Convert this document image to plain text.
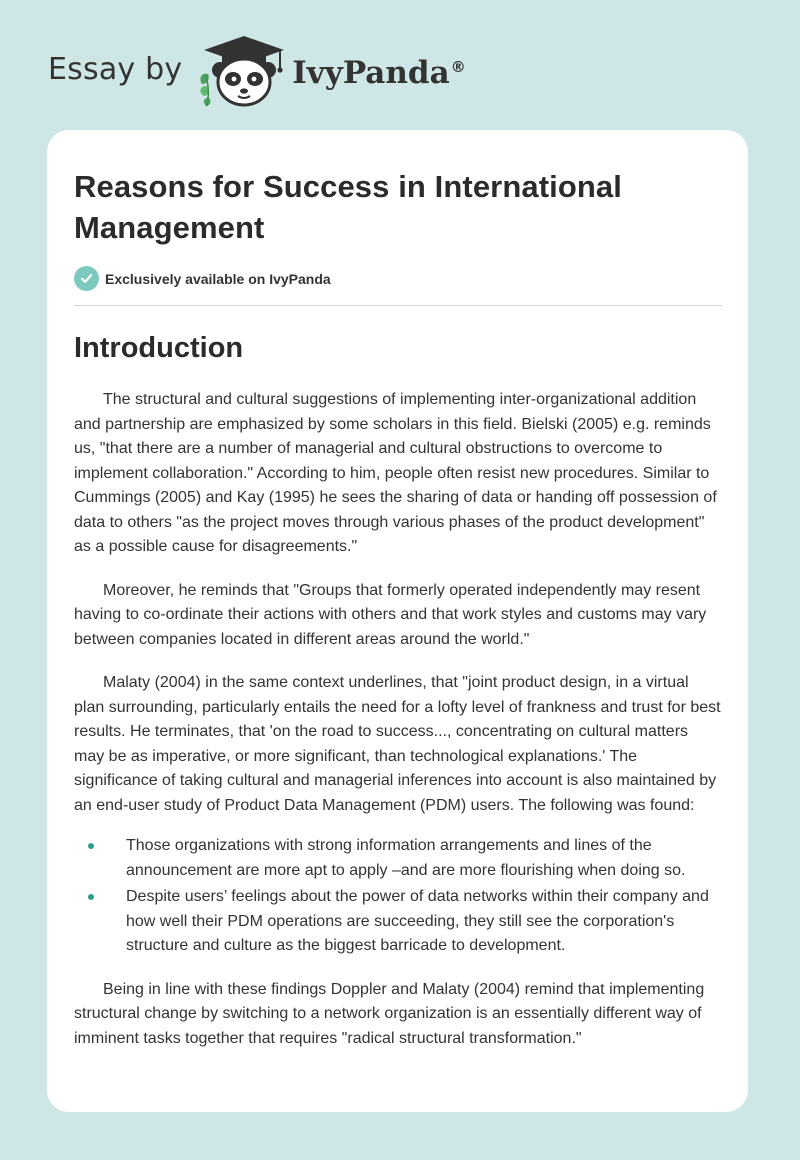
Essay by	IvyPanda®
Reasons for Success in International Management
Exclusively available on IvyPanda
Introduction

The structural and cultural suggestions of implementing inter-organizational addition and partnership are emphasized by some scholars in this field. Bielski (2005) e.g. reminds us, "that there are a number of managerial and cultural obstructions to overcome to implement collaboration." According to him, people often resist new procedures. Similar to Cummings (2005) and Kay (1995) he sees the sharing of data or handing off possession of data to others "as the project moves through various phases of the product development" as a possible cause for disagreements."

Moreover, he reminds that "Groups that formerly operated independently may resent having to co-ordinate their actions with others and that work styles and customs may vary between companies located in different areas around the world."

Malaty (2004) in the same context underlines, that "joint product design, in a virtual plan surrounding, particularly entails the need for a lofty level of frankness and trust for best results. He terminates, that 'on the road to success..., concentrating on cultural matters may be as imperative, or more significant, than technological explanations.' The significance of taking cultural and managerial inferences into account is also maintained by an end-user study of Product Data Management (PDM) users. The following was found:

Those organizations with strong information arrangements and lines of the announcement are more apt to apply –and are more flourishing when doing so.
Despite users’ feelings about the power of data networks within their company and how well their PDM operations are succeeding, they still see the corporation's structure and culture as the biggest barricade to development.

Being in line with these findings Doppler and Malaty (2004) remind that implementing structural change by switching to a network organization is an essentially different way of imminent tasks together that requires "radical structural transformation."
